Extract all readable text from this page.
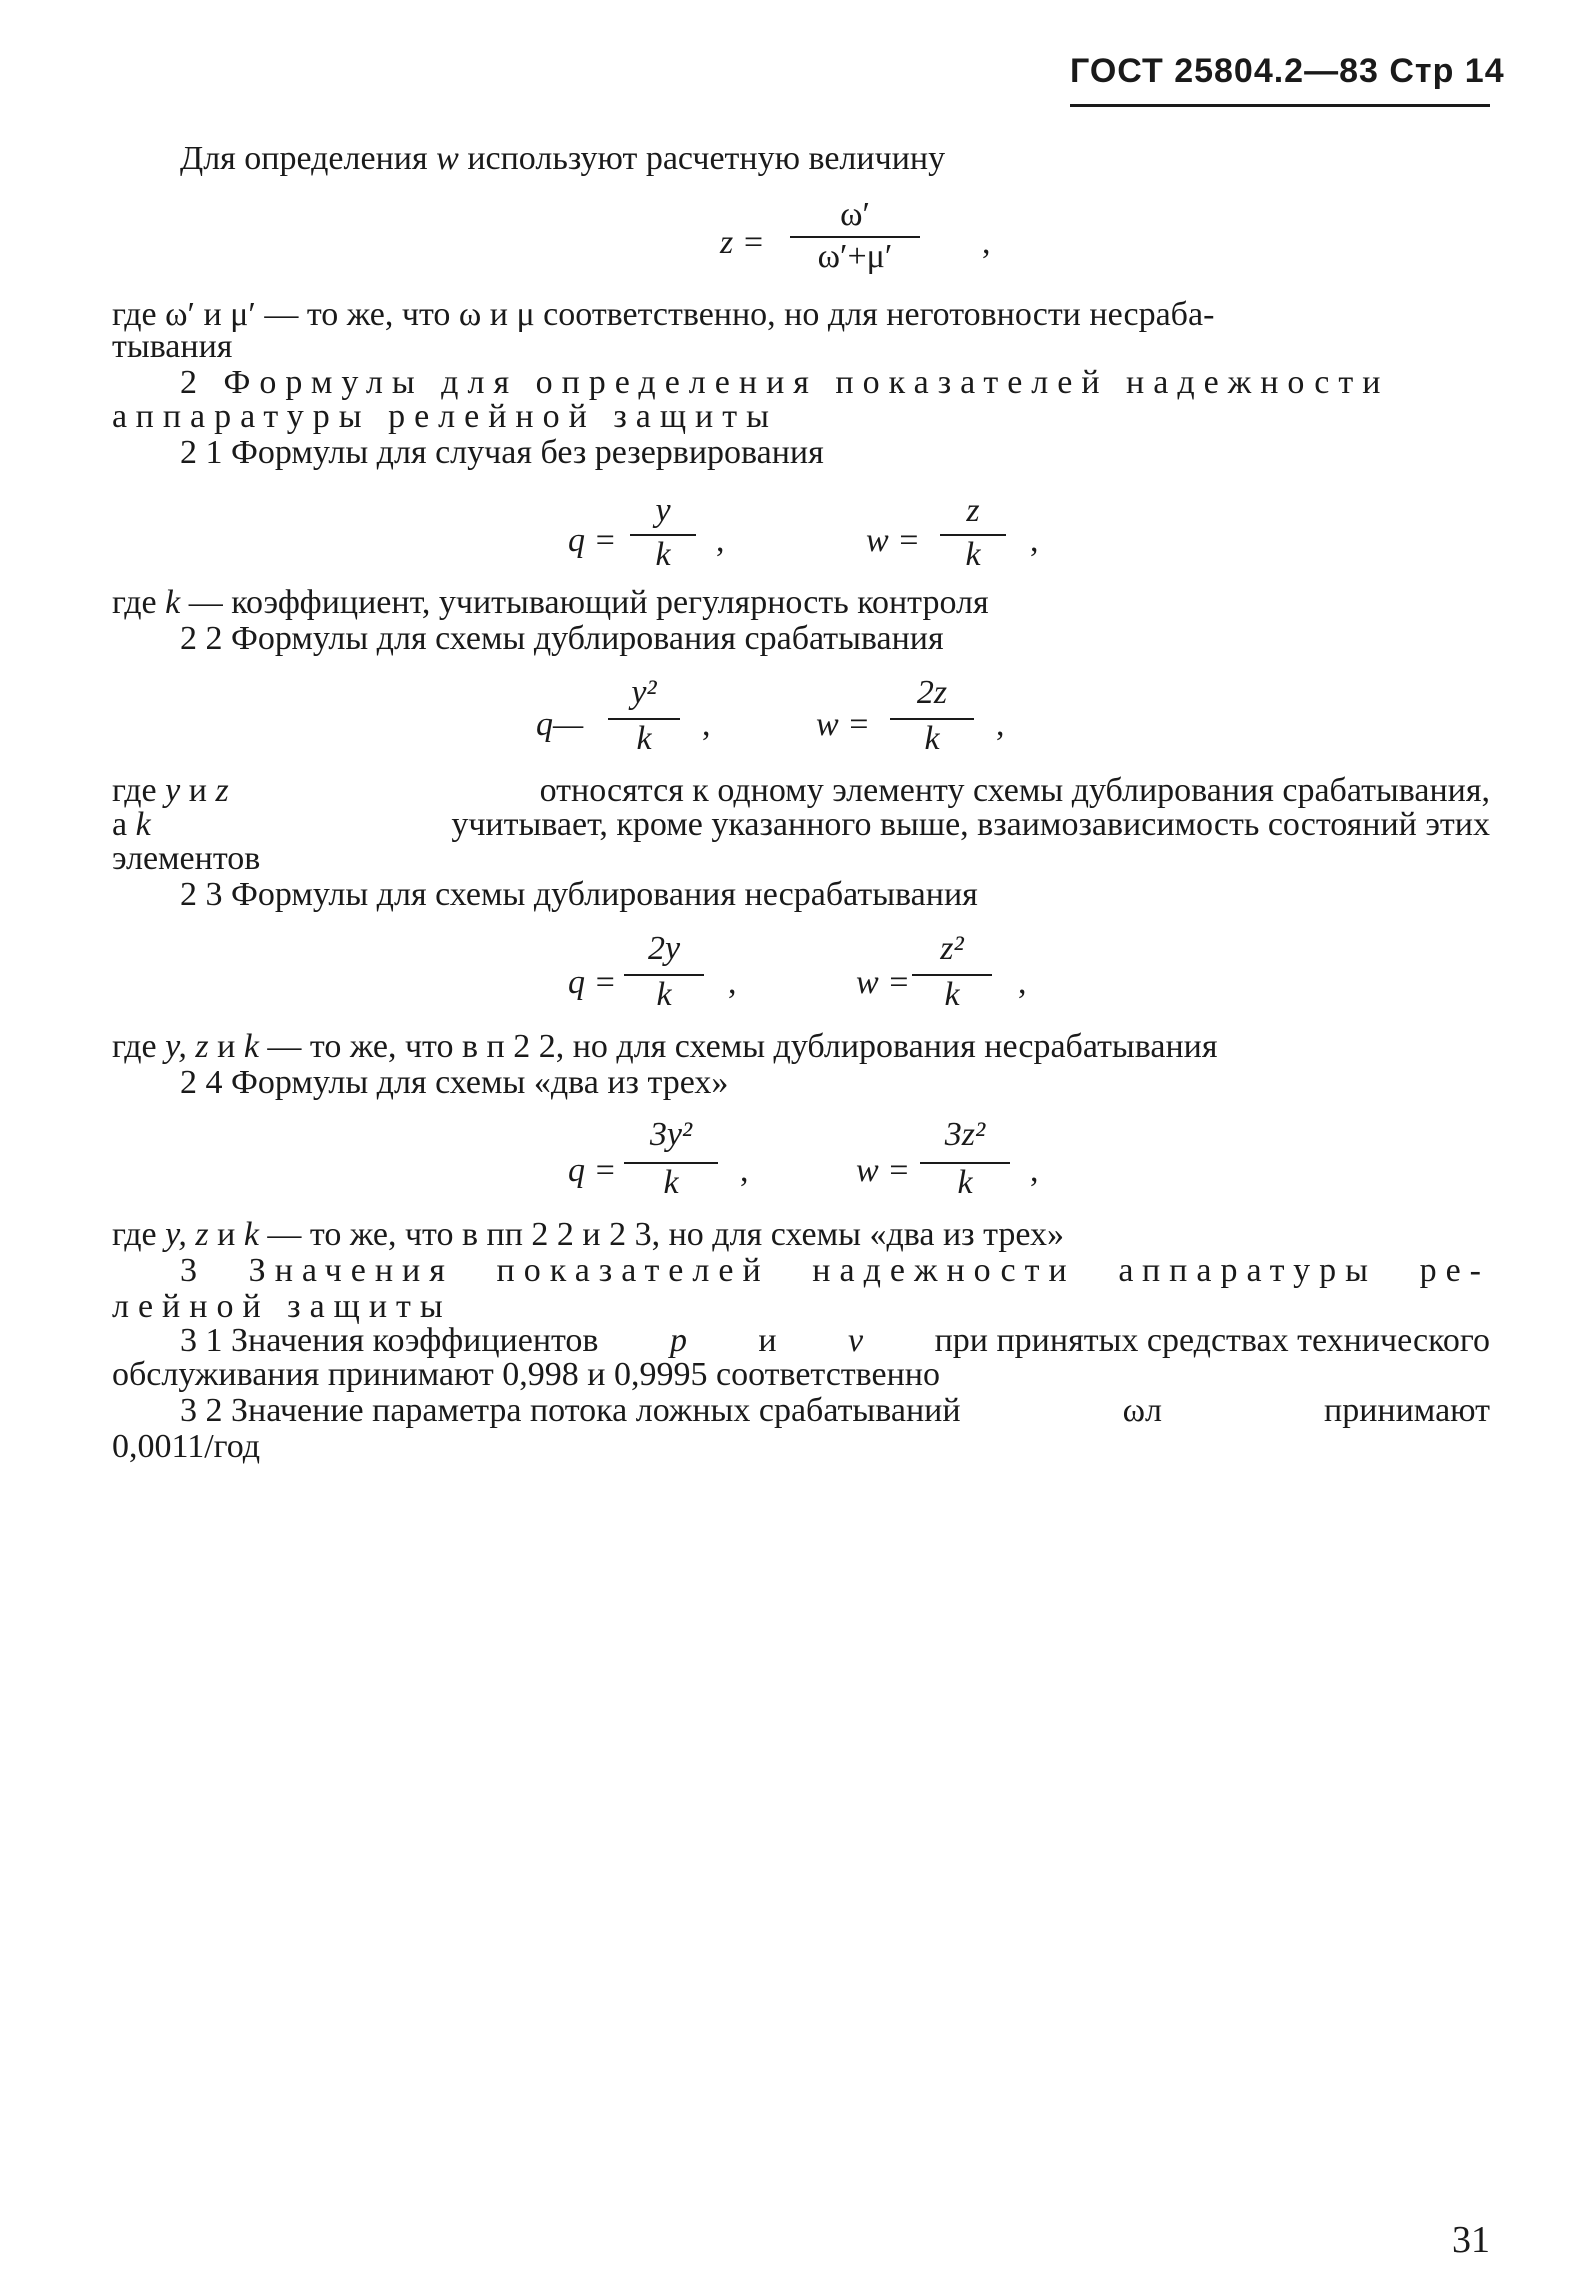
ГОСТ 25804.2—83 Стр 14
Для определения w используют расчетную величину
z =
ω′
ω′+μ′	,
где ω′ и μ′ — то же, что ω и μ соответственно, но для неготовности несраба-
тывания
2 Формулы для определения показателей надежности
аппаратуры релейной защиты
2 1 Формулы для случая без резервирования
q =
y
k	,	w =
z
k	,
где k — коэффициент, учитывающий регулярность контроля
2 2 Формулы для схемы дублирования срабатывания
q—
y²
k	,	w =
2z
k	,
где y и z	относятся к одному элементу схемы дублирования срабатывания,
а k	учитывает, кроме указанного выше, взаимозависимость состояний этих
элементов
2 3 Формулы для схемы дублирования несрабатывания
q =
2y
k	,	w =
z²
k	,
где y, z и k — то же, что в п 2 2, но для схемы дублирования несрабатывания
2 4 Формулы для схемы «два из трех»
q =
3y²
k	,	w =
3z²
k	,
где y, z и k — то же, что в пп 2 2 и 2 3, но для схемы «два из трех»
3 Значения показателей надежности аппаратуры ре-
лейной защиты
3 1 Значения коэффициентов p и v при принятых средствах технического
обслуживания принимают 0,998 и 0,9995 соответственно
3 2 Значение параметра потока ложных срабатываний	ωл	принимают
0,0011/год
31
